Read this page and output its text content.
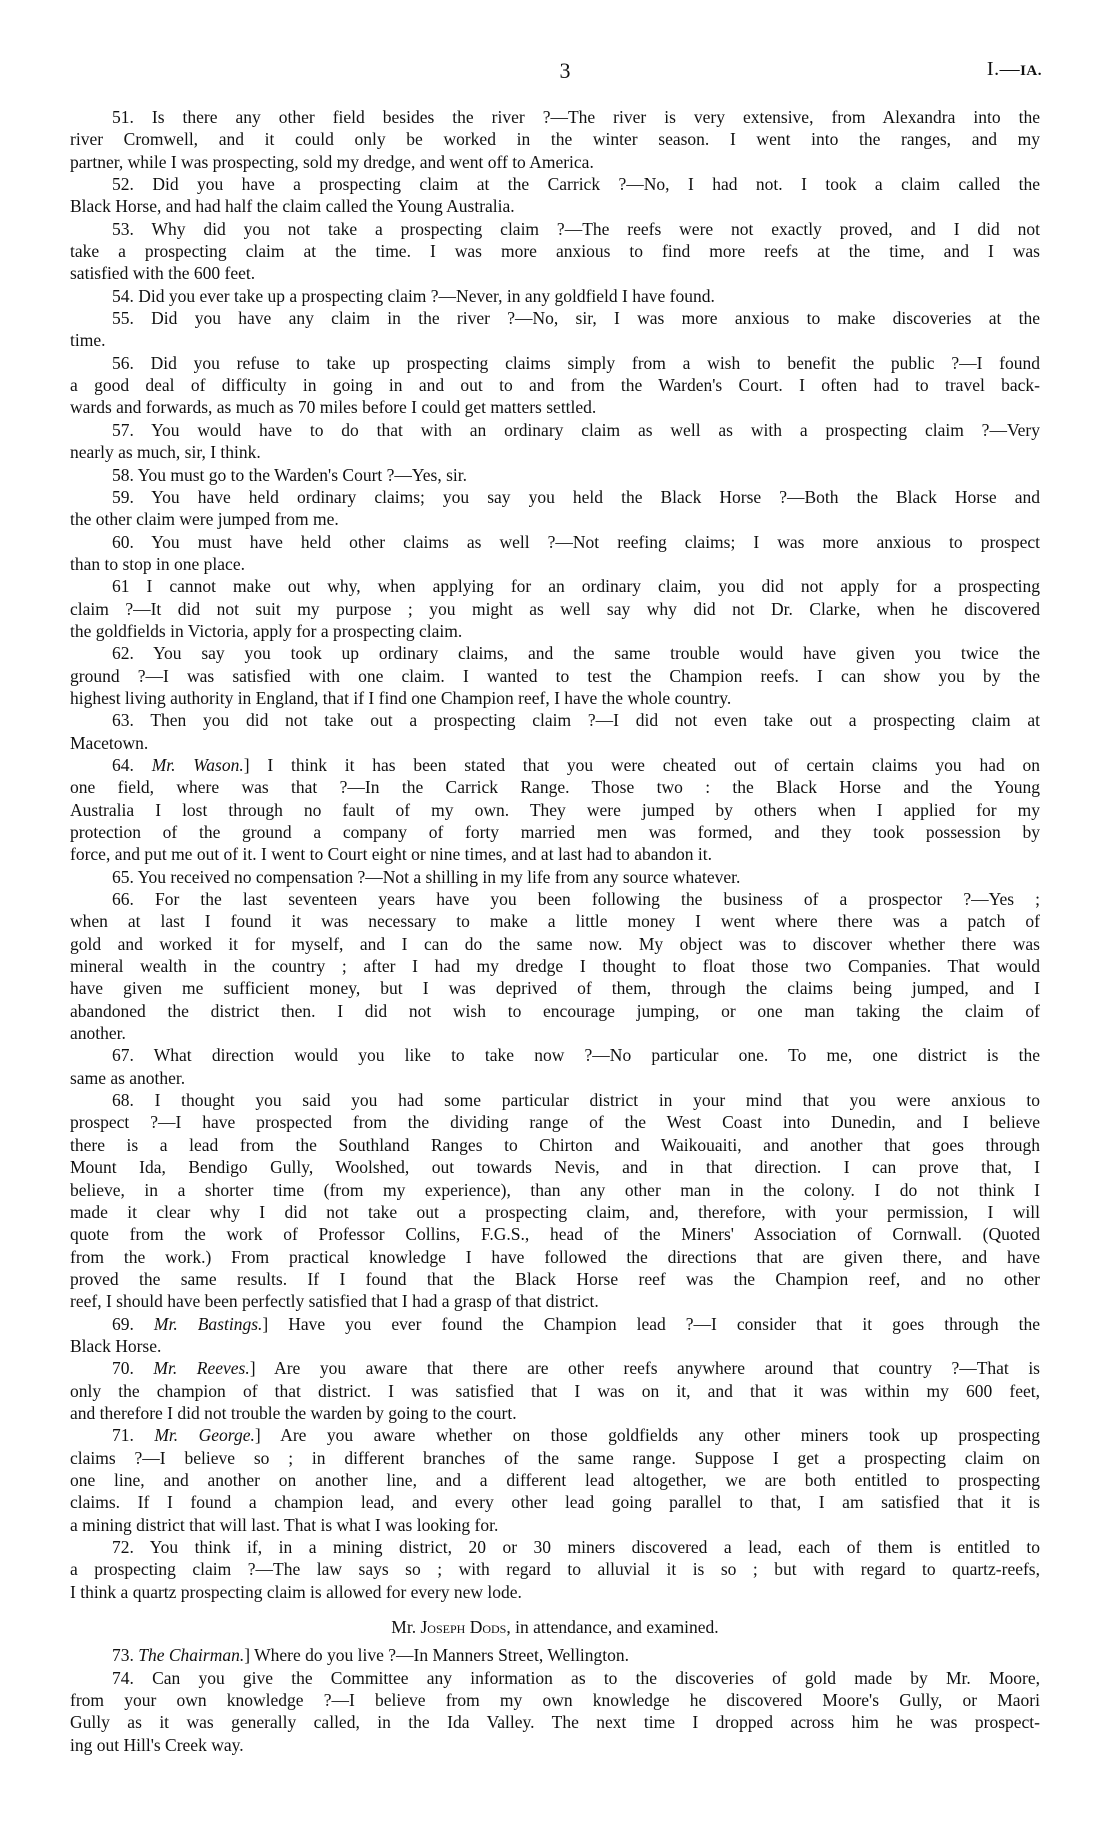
3	I.—IA.
51. Is there any other field besides the river ?—The river is very extensive, from Alexandra into the
river Cromwell, and it could only be worked in the winter season. I went into the ranges, and my
partner, while I was prospecting, sold my dredge, and went off to America.
52. Did you have a prospecting claim at the Carrick ?—No, I had not. I took a claim called the
Black Horse, and had half the claim called the Young Australia.
53. Why did you not take a prospecting claim ?—The reefs were not exactly proved, and I did not
take a prospecting claim at the time. I was more anxious to find more reefs at the time, and I was
satisfied with the 600 feet.
54. Did you ever take up a prospecting claim ?—Never, in any goldfield I have found.
55. Did you have any claim in the river ?—No, sir, I was more anxious to make discoveries at the
time.
56. Did you refuse to take up prospecting claims simply from a wish to benefit the public ?—I found
a good deal of difficulty in going in and out to and from the Warden's Court. I often had to travel back-
wards and forwards, as much as 70 miles before I could get matters settled.
57. You would have to do that with an ordinary claim as well as with a prospecting claim ?—Very
nearly as much, sir, I think.
58. You must go to the Warden's Court ?—Yes, sir.
59. You have held ordinary claims; you say you held the Black Horse ?—Both the Black Horse and
the other claim were jumped from me.
60. You must have held other claims as well ?—Not reefing claims; I was more anxious to prospect
than to stop in one place.
61 I cannot make out why, when applying for an ordinary claim, you did not apply for a prospecting
claim ?—It did not suit my purpose ; you might as well say why did not Dr. Clarke, when he discovered
the goldfields in Victoria, apply for a prospecting claim.
62. You say you took up ordinary claims, and the same trouble would have given you twice the
ground ?—I was satisfied with one claim. I wanted to test the Champion reefs. I can show you by the
highest living authority in England, that if I find one Champion reef, I have the whole country.
63. Then you did not take out a prospecting claim ?—I did not even take out a prospecting claim at
Macetown.
64. Mr. Wason.] I think it has been stated that you were cheated out of certain claims you had on
one field, where was that ?—In the Carrick Range. Those two : the Black Horse and the Young
Australia I lost through no fault of my own. They were jumped by others when I applied for my
protection of the ground a company of forty married men was formed, and they took possession by
force, and put me out of it. I went to Court eight or nine times, and at last had to abandon it.
65. You received no compensation ?—Not a shilling in my life from any source whatever.
66. For the last seventeen years have you been following the business of a prospector ?—Yes ;
when at last I found it was necessary to make a little money I went where there was a patch of
gold and worked it for myself, and I can do the same now. My object was to discover whether there was
mineral wealth in the country ; after I had my dredge I thought to float those two Companies. That would
have given me sufficient money, but I was deprived of them, through the claims being jumped, and I
abandoned the district then. I did not wish to encourage jumping, or one man taking the claim of
another.
67. What direction would you like to take now ?—No particular one. To me, one district is the
same as another.
68. I thought you said you had some particular district in your mind that you were anxious to
prospect ?—I have prospected from the dividing range of the West Coast into Dunedin, and I believe
there is a lead from the Southland Ranges to Chirton and Waikouaiti, and another that goes through
Mount Ida, Bendigo Gully, Woolshed, out towards Nevis, and in that direction. I can prove that, I
believe, in a shorter time (from my experience), than any other man in the colony. I do not think I
made it clear why I did not take out a prospecting claim, and, therefore, with your permission, I will
quote from the work of Professor Collins, F.G.S., head of the Miners' Association of Cornwall. (Quoted
from the work.) From practical knowledge I have followed the directions that are given there, and have
proved the same results. If I found that the Black Horse reef was the Champion reef, and no other
reef, I should have been perfectly satisfied that I had a grasp of that district.
69. Mr. Bastings.] Have you ever found the Champion lead ?—I consider that it goes through the
Black Horse.
70. Mr. Reeves.] Are you aware that there are other reefs anywhere around that country ?—That is
only the champion of that district. I was satisfied that I was on it, and that it was within my 600 feet,
and therefore I did not trouble the warden by going to the court.
71. Mr. George.] Are you aware whether on those goldfields any other miners took up prospecting
claims ?—I believe so ; in different branches of the same range. Suppose I get a prospecting claim on
one line, and another on another line, and a different lead altogether, we are both entitled to prospecting
claims. If I found a champion lead, and every other lead going parallel to that, I am satisfied that it is
a mining district that will last. That is what I was looking for.
72. You think if, in a mining district, 20 or 30 miners discovered a lead, each of them is entitled to
a prospecting claim ?—The law says so ; with regard to alluvial it is so ; but with regard to quartz-reefs,
I think a quartz prospecting claim is allowed for every new lode.
Mr. Joseph Dods, in attendance, and examined.
73. The Chairman.] Where do you live ?—In Manners Street, Wellington.
74. Can you give the Committee any information as to the discoveries of gold made by Mr. Moore,
from your own knowledge ?—I believe from my own knowledge he discovered Moore's Gully, or Maori
Gully as it was generally called, in the Ida Valley. The next time I dropped across him he was prospect-
ing out Hill's Creek way.
